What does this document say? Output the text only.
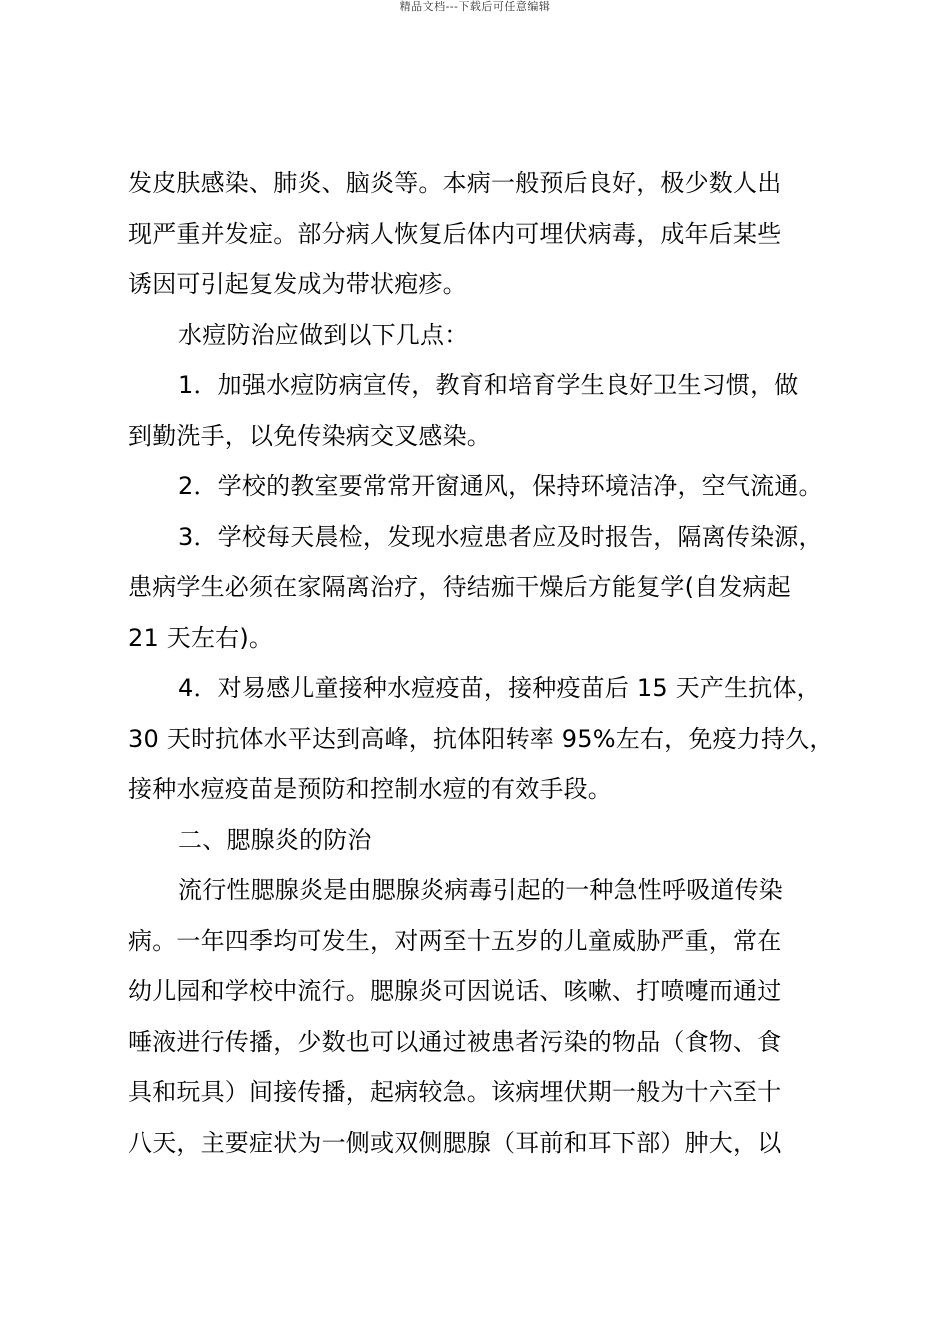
精品文档---下载后可任意编辑
发皮肤感染、肺炎、脑炎等。本病一般预后良好，极少数人出
现严重并发症。部分病人恢复后体内可埋伏病毒，成年后某些
诱因可引起复发成为带状疱疹。
水痘防治应做到以下几点：
1．加强水痘防病宣传，教育和培育学生良好卫生习惯，做
到勤洗手，以免传染病交叉感染。
2．学校的教室要常常开窗通风，保持环境洁净，空气流通。
3．学校每天晨检，发现水痘患者应及时报告，隔离传染源，
患病学生必须在家隔离治疗，待结痂干燥后方能复学(自发病起
21 天左右)。
4．对易感儿童接种水痘疫苗，接种疫苗后 15 天产生抗体，
30 天时抗体水平达到高峰，抗体阳转率 95%左右，免疫力持久，
接种水痘疫苗是预防和控制水痘的有效手段。
二、腮腺炎的防治
流行性腮腺炎是由腮腺炎病毒引起的一种急性呼吸道传染
病。一年四季均可发生，对两至十五岁的儿童威胁严重，常在
幼儿园和学校中流行。腮腺炎可因说话、咳嗽、打喷嚏而通过
唾液进行传播，少数也可以通过被患者污染的物品（食物、食
具和玩具）间接传播，起病较急。该病埋伏期一般为十六至十
八天，主要症状为一侧或双侧腮腺（耳前和耳下部）肿大，以
